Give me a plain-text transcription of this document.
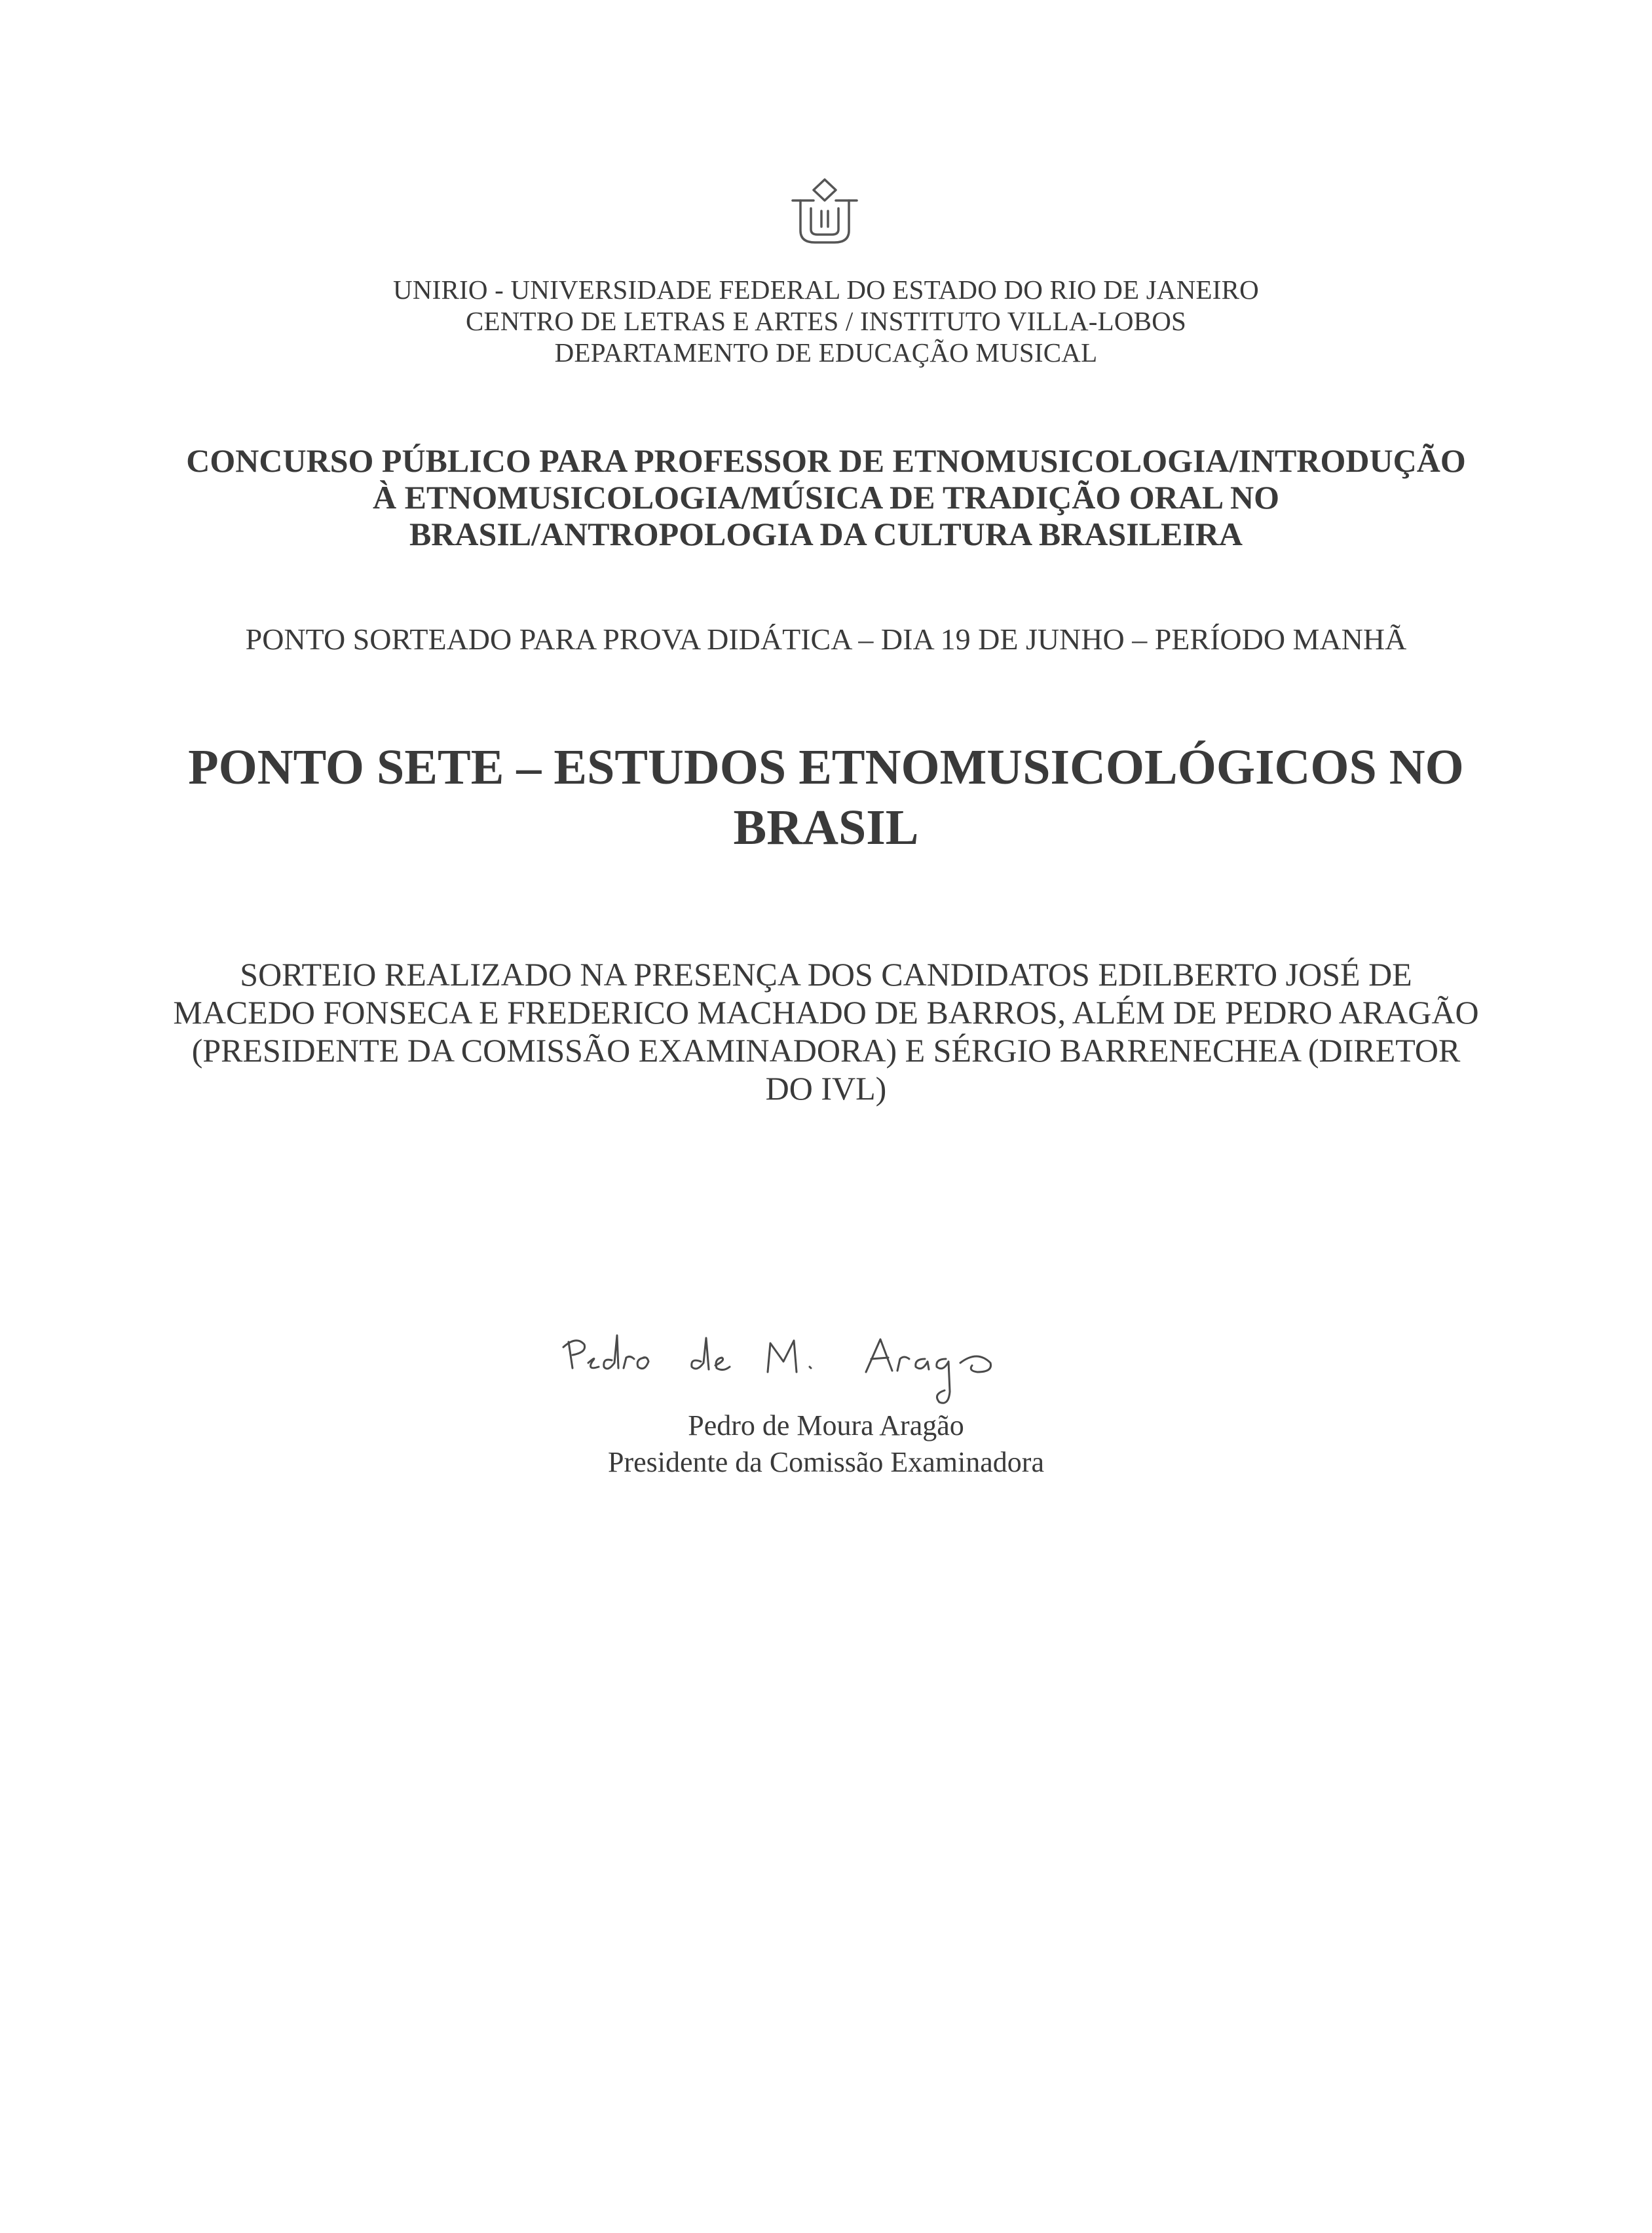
UNIRIO - UNIVERSIDADE FEDERAL DO ESTADO DO RIO DE JANEIRO
CENTRO DE LETRAS E ARTES / INSTITUTO VILLA-LOBOS
DEPARTAMENTO DE EDUCAÇÃO MUSICAL
CONCURSO PÚBLICO PARA PROFESSOR DE ETNOMUSICOLOGIA/INTRODUÇÃO
À ETNOMUSICOLOGIA/MÚSICA DE TRADIÇÃO ORAL NO
BRASIL/ANTROPOLOGIA DA CULTURA BRASILEIRA
PONTO SORTEADO PARA PROVA DIDÁTICA – DIA 19 DE JUNHO – PERÍODO MANHÃ
PONTO SETE – ESTUDOS ETNOMUSICOLÓGICOS NO
BRASIL
SORTEIO REALIZADO NA PRESENÇA DOS CANDIDATOS EDILBERTO JOSÉ DE
MACEDO FONSECA E FREDERICO MACHADO DE BARROS, ALÉM DE PEDRO ARAGÃO
(PRESIDENTE DA COMISSÃO EXAMINADORA) E SÉRGIO BARRENECHEA (DIRETOR
DO IVL)
Pedro de Moura Aragão
Presidente da Comissão Examinadora
